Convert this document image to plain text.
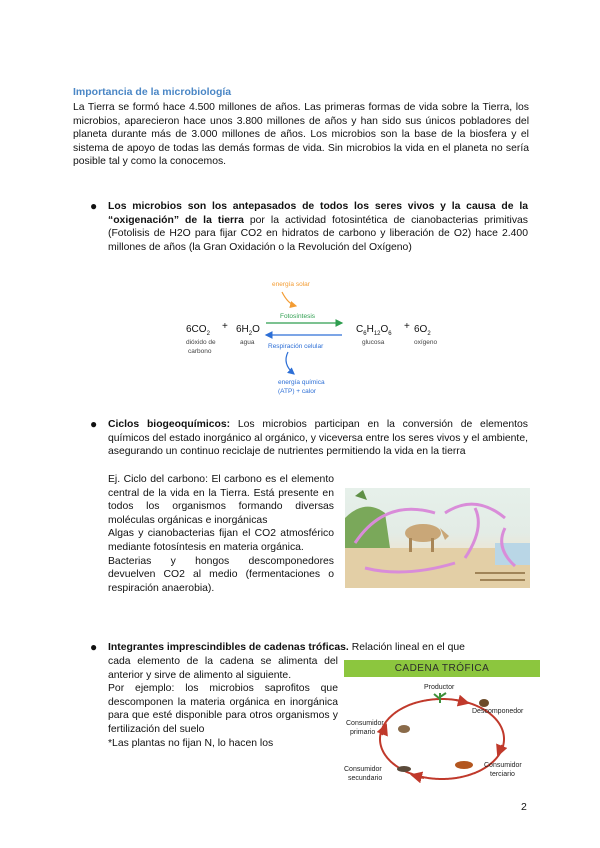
Importancia de la microbiología
La Tierra se formó hace 4.500 millones de años. Las primeras formas de vida sobre la Tierra, los microbios, aparecieron hace unos 3.800 millones de años y han sido sus únicos pobladores del planeta durante más de 3.000 millones de años. Los microbios son la base de la biosfera y el sistema de apoyo de todas las demás formas de vida. Sin microbios la vida en el planeta no sería posible tal y como la conocemos.
● Los microbios son los antepasados de todos los seres vivos y la causa de la “oxigenación” de la tierra por la actividad fotosintética de cianobacterias primitivas (Fotolisis de H2O para fijar CO2 en hidratos de carbono y liberación de O2) hace 2.400 millones de años (la Gran Oxidación o la Revolución del Oxígeno)
energía solar
Fotosíntesis
Respiración celular
energía química
(ATP) + calor
$6CO_2$
+ $6H_2O$
dióxido de
carbono
agua
$C_6H_{12}O_6$
+ $6O_2$
glucosa	oxígeno
● Ciclos biogeoquímicos: Los microbios participan en la conversión de elementos químicos del estado inorgánico al orgánico, y viceversa entre los seres vivos y el ambiente, asegurando un continuo reciclaje de nutrientes permitiendo la vida en la tierra
Ej. Ciclo del carbono: El carbono es el elemento central de la vida en la Tierra. Está presente en todos los organismos formando diversas moléculas orgánicas e inorgánicas
Algas y cianobacterias fijan el CO2 atmosférico mediante fotosíntesis en materia orgánica.
Bacterias y hongos descomponedores devuelven CO2 al medio (fermentaciones o respiración anaerobia).
● Integrantes imprescindibles de cadenas tróficas. Relación lineal en el que
cada elemento de la cadena se alimenta del anterior y sirve de alimento al siguiente.
Por ejemplo: los microbios saprofitos que descomponen la materia orgánica en inorgánica para que esté disponible para otros organismos y fertilización del suelo
*Las plantas no fijan N, lo hacen los
CADENA TRÓFICA
Productor
Descomponedor
Consumidor
primario
Consumidor
secundario
Consumidor
terciario
2
